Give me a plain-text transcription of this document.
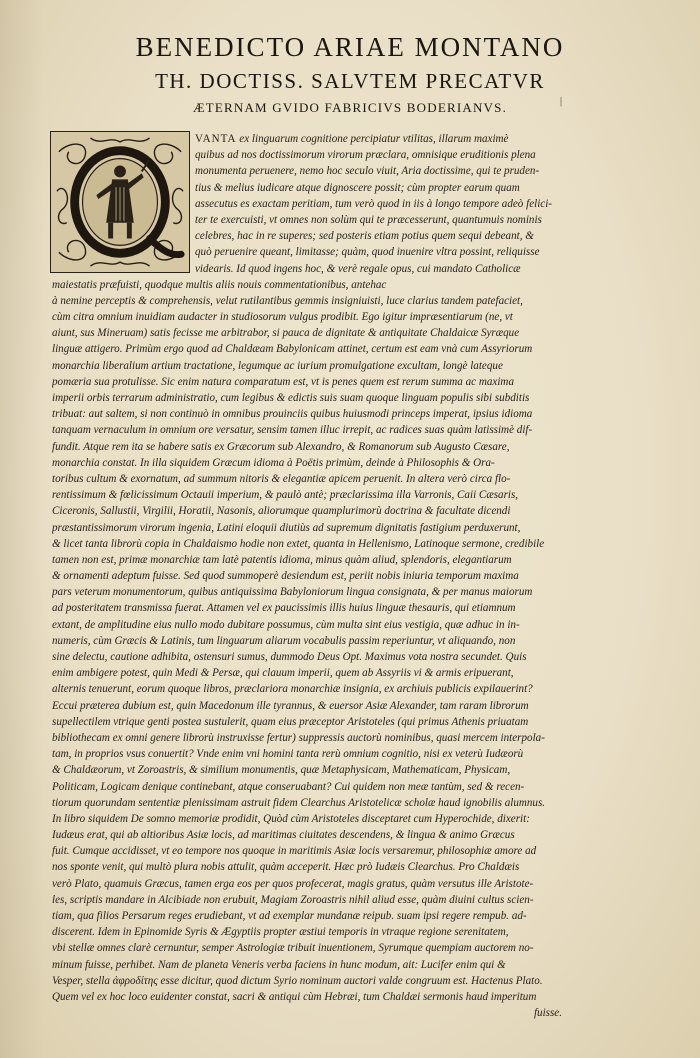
BENEDICTO ARIAE MONTANO
TH. DOCTISS. SALVTEM PRECATVR
ÆTERNAM GVIDO FABRICIVS BODERIANVS.	|
VANTA ex linguarum cognitione percipiatur vtilitas, illarum maximè
quibus ad nos doctissimorum virorum præclara, omnisique eruditionis plena
monumenta peruenere, nemo hoc seculo viuit, Aria doctissime, qui te pruden-
tius & melius iudicare atque dignoscere possit; cùm propter earum quam
assecutus es exactam peritiam, tum verò quod in iis à longo tempore adeò felici-
ter te exercuisti, vt omnes non solùm qui te præcesserunt, quantumuis nominis
celebres, hac in re superes; sed posteris etiam potius quem sequi debeant, &
quò peruenire queant, limitasse; quàm, quod inuenire vltra possint, reliquisse
videaris. Id quod ingens hoc, & verè regale opus, cui mandato Catholicæ
maiestatis præfuisti, quodque multis aliis nouis commentationibus, antehac
à nemine perceptis & comprehensis, velut rutilantibus gemmis insigniuisti, luce clarius tandem patefaciet,
cùm citra omnium inuidiam audacter in studiosorum vulgus prodibit. Ego igitur impræsentiarum (ne, vt
aiunt, sus Mineruam) satis fecisse me arbitrabor, si pauca de dignitate & antiquitate Chaldaicæ Syræque
linguæ attigero. Primùm ergo quod ad Chaldæam Babylonicam attinet, certum est eam vnà cum Assyriorum
monarchia liberalium artium tractatione, legumque ac iurium promulgatione excultam, longè lateque
pomæria sua protulisse. Sic enim natura comparatum est, vt is penes quem est rerum summa ac maxima
imperii orbis terrarum administratio, cum legibus & edictis suis suam quoque linguam populis sibi subditis
tribuat: aut saltem, si non continuò in omnibus prouinciis quibus huiusmodi princeps imperat, ipsius idioma
tanquam vernaculum in omnium ore versatur, sensim tamen illuc irrepit, ac radices suas quàm latissimè dif-
fundit. Atque rem ita se habere satis ex Græcorum sub Alexandro, & Romanorum sub Augusto Cæsare,
monarchia constat. In illa siquidem Græcum idioma à Poëtis primùm, deinde à Philosophis & Ora-
toribus cultum & exornatum, ad summum nitoris & elegantiæ apicem peruenit. In altera verò circa flo-
rentissimum & fœlicissimum Octauii imperium, & paulò antè; præclarissima illa Varronis, Caii Cæsaris,
Ciceronis, Sallustii, Virgilii, Horatii, Nasonis, aliorumque quamplurimorù doctrina & facultate dicendi
præstantissimorum virorum ingenia, Latini eloquii diutiùs ad supremum dignitatis fastigium perduxerunt,
& licet tanta librorù copia in Chaldaismo hodie non extet, quanta in Hellenismo, Latinoque sermone, credibile
tamen non est, primæ monarchiæ tam latè patentis idioma, minus quàm aliud, splendoris, elegantiarum
& ornamenti adeptum fuisse. Sed quod summoperè desiendum est, periit nobis iniuria temporum maxima
pars veterum monumentorum, quibus antiquissima Babyloniorum lingua consignata, & per manus maiorum
ad posteritatem transmissa fuerat. Attamen vel ex paucissimis illis huius linguæ thesauris, qui etiamnum
extant, de amplitudine eius nullo modo dubitare possumus, cùm multa sint eius vestigia, quæ adhuc in in-
numeris, cùm Græcis & Latinis, tum linguarum aliarum vocabulis passim reperiuntur, vt aliquando, non
sine delectu, cautione adhibita, ostensuri sumus, dummodo Deus Opt. Maximus vota nostra secundet. Quis
enim ambigere potest, quin Medi & Persæ, qui clauum imperii, quem ab Assyriis vi & armis eripuerant,
alternis tenuerunt, eorum quoque libros, præclariora monarchiæ insignia, ex archiuis publicis expilauerint?
Eccui præterea dubium est, quin Macedonum ille tyrannus, & euersor Asiæ Alexander, tam raram librorum
supellectilem vtrique genti postea sustulerit, quam eius præceptor Aristoteles (qui primus Athenis priuatam
bibliothecam ex omni genere librorù instruxisse fertur) suppressis auctorù nominibus, quasi mercem interpola-
tam, in proprios vsus conuertit? Vnde enim vni homini tanta rerù omnium cognitio, nisi ex veterù Iudæorù
& Chaldæorum, vt Zoroastris, & similium monumentis, quæ Metaphysicam, Mathematicam, Physicam,
Politicam, Logicam denique continebant, atque conseruabant? Cui quidem non meæ tantùm, sed & recen-
tiorum quorundam sententiæ plenissimam astruit fidem Clearchus Aristotelicæ scholæ haud ignobilis alumnus.
In libro siquidem De somno memoriæ prodidit, Quòd cùm Aristoteles disceptaret cum Hyperochide, dixerit:
Iudæus erat, qui ab altioribus Asiæ locis, ad maritimas ciuitates descendens, & lingua & animo Græcus
fuit. Cumque accidisset, vt eo tempore nos quoque in maritimis Asiæ locis versaremur, philosophiæ amore ad
nos sponte venit, qui multò plura nobis attulit, quàm acceperit. Hæc prò Iudæis Clearchus. Pro Chaldæis
verò Plato, quamuis Græcus, tamen erga eos per quos profecerat, magis gratus, quàm versutus ille Aristote-
les, scriptis mandare in Alcibiade non erubuit, Magiam Zoroastris nihil aliud esse, quàm diuini cultus scien-
tiam, qua filios Persarum reges erudiebant, vt ad exemplar mundanæ reipub. suam ipsi regere rempub. ad-
discerent. Idem in Epinomide Syris & Ægyptiis propter æstiui temporis in vtraque regione serenitatem,
vbi stellæ omnes clarè cernuntur, semper Astrologiæ tribuit inuentionem, Syrumque quempiam auctorem no-
minum fuisse, perhibet. Nam de planeta Veneris verba faciens in hunc modum, ait: Lucifer enim qui &
Vesper, stella ἀφροδίτης esse dicitur, quod dictum Syrio nominum auctori valde congruum est. Hactenus Plato.
Quem vel ex hoc loco euidenter constat, sacri & antiqui cùm Hebræi, tum Chaldæi sermonis haud imperitum
fuisse.
